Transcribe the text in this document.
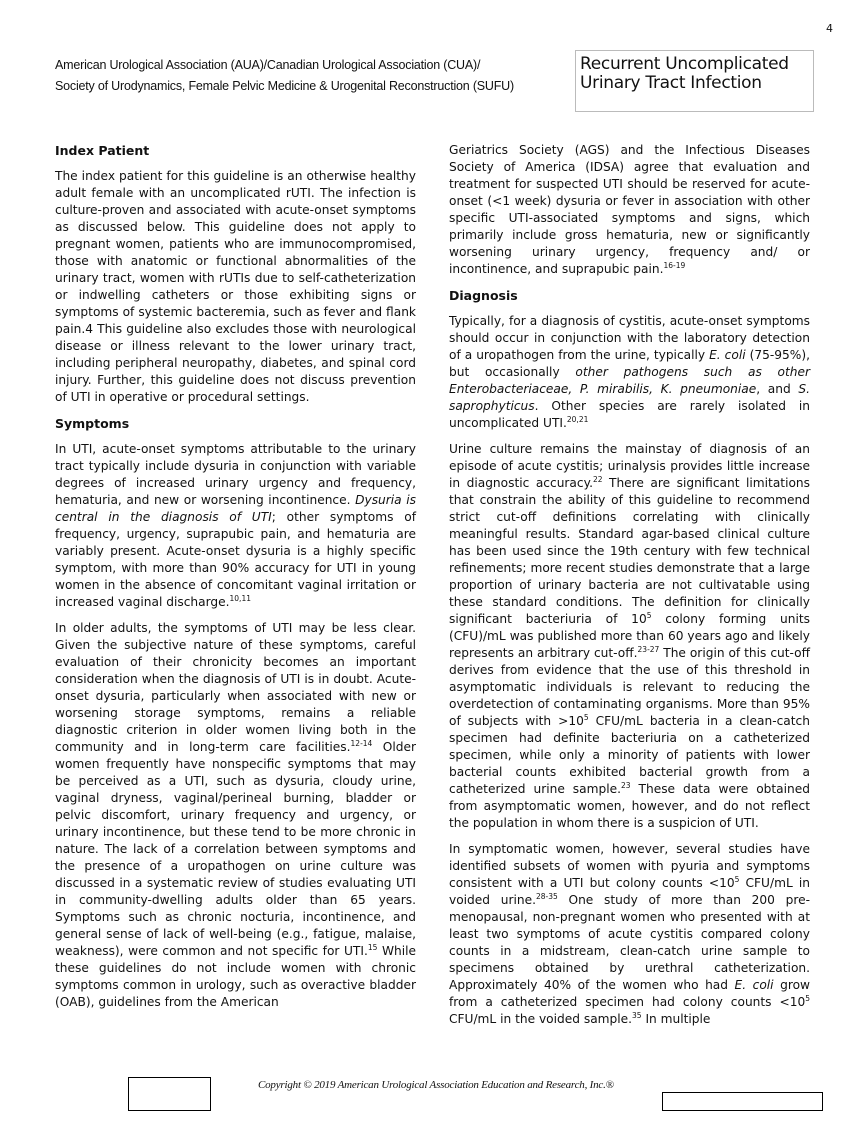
4
American Urological Association (AUA)/Canadian Urological Association (CUA)/
Society of Urodynamics, Female Pelvic Medicine & Urogenital Reconstruction (SUFU)
Recurrent Uncomplicated
Urinary Tract Infection
Index Patient

The index patient for this guideline is an otherwise healthy adult female with an uncomplicated rUTI. The infection is culture-proven and associated with acute-onset symptoms as discussed below. This guideline does not apply to pregnant women, patients who are immunocompromised, those with anatomic or functional abnormalities of the urinary tract, women with rUTIs due to self-catheterization or indwelling catheters or those exhibiting signs or symptoms of systemic bacteremia, such as fever and flank pain.4 This guideline also excludes those with neurological disease or illness relevant to the lower urinary tract, including peripheral neuropathy, diabetes, and spinal cord injury. Further, this guideline does not discuss prevention of UTI in operative or procedural settings.

Symptoms

In UTI, acute-onset symptoms attributable to the urinary tract typically include dysuria in conjunction with variable degrees of increased urinary urgency and frequency, hematuria, and new or worsening incontinence. Dysuria is central in the diagnosis of UTI; other symptoms of frequency, urgency, suprapubic pain, and hematuria are variably present. Acute-onset dysuria is a highly specific symptom, with more than 90% accuracy for UTI in young women in the absence of concomitant vaginal irritation or increased vaginal discharge.$^{10,11}$

In older adults, the symptoms of UTI may be less clear. Given the subjective nature of these symptoms, careful evaluation of their chronicity becomes an important consideration when the diagnosis of UTI is in doubt. Acute-onset dysuria, particularly when associated with new or worsening storage symptoms, remains a reliable diagnostic criterion in older women living both in the community and in long-term care facilities.$^{12-14}$ Older women frequently have nonspecific symptoms that may be perceived as a UTI, such as dysuria, cloudy urine, vaginal dryness, vaginal/perineal burning, bladder or pelvic discomfort, urinary frequency and urgency, or urinary incontinence, but these tend to be more chronic in nature. The lack of a correlation between symptoms and the presence of a uropathogen on urine culture was discussed in a systematic review of studies evaluating UTI in community-dwelling adults older than 65 years. Symptoms such as chronic nocturia, incontinence, and general sense of lack of well-being (e.g., fatigue, malaise, weakness), were common and not specific for UTI.$^{15}$ While these guidelines do not include women with chronic symptoms common in urology, such as overactive bladder (OAB), guidelines from the American

Geriatrics Society (AGS) and the Infectious Diseases Society of America (IDSA) agree that evaluation and treatment for suspected UTI should be reserved for acute-onset (<1 week) dysuria or fever in association with other specific UTI-associated symptoms and signs, which primarily include gross hematuria, new or significantly worsening urinary urgency, frequency and/ or incontinence, and suprapubic pain.$^{16-19}$

Diagnosis

Typically, for a diagnosis of cystitis, acute-onset symptoms should occur in conjunction with the laboratory detection of a uropathogen from the urine, typically E. coli (75-95%), but occasionally other pathogens such as other Enterobacteriaceae, P. mirabilis, K. pneumoniae, and S. saprophyticus. Other species are rarely isolated in uncomplicated UTI.$^{20,21}$

Urine culture remains the mainstay of diagnosis of an episode of acute cystitis; urinalysis provides little increase in diagnostic accuracy.$^{22}$ There are significant limitations that constrain the ability of this guideline to recommend strict cut-off definitions correlating with clinically meaningful results. Standard agar-based clinical culture has been used since the 19th century with few technical refinements; more recent studies demonstrate that a large proportion of urinary bacteria are not cultivatable using these standard conditions. The definition for clinically significant bacteriuria of $10^5$ colony forming units (CFU)/mL was published more than 60 years ago and likely represents an arbitrary cut-off.$^{23-27}$ The origin of this cut-off derives from evidence that the use of this threshold in asymptomatic individuals is relevant to reducing the overdetection of contaminating organisms. More than 95% of subjects with $>10^5$ CFU/mL bacteria in a clean-catch specimen had definite bacteriuria on a catheterized specimen, while only a minority of patients with lower bacterial counts exhibited bacterial growth from a catheterized urine sample.$^{23}$ These data were obtained from asymptomatic women, however, and do not reflect the population in whom there is a suspicion of UTI.

In symptomatic women, however, several studies have identified subsets of women with pyuria and symptoms consistent with a UTI but colony counts $<10^5$ CFU/mL in voided urine.$^{28-35}$ One study of more than 200 pre-menopausal, non-pregnant women who presented with at least two symptoms of acute cystitis compared colony counts in a midstream, clean-catch urine sample to specimens obtained by urethral catheterization. Approximately 40% of the women who had E. coli grow from a catheterized specimen had colony counts $<10^5$ CFU/mL in the voided sample.$^{35}$ In multiple

Copyright © 2019 American Urological Association Education and Research, Inc.®
